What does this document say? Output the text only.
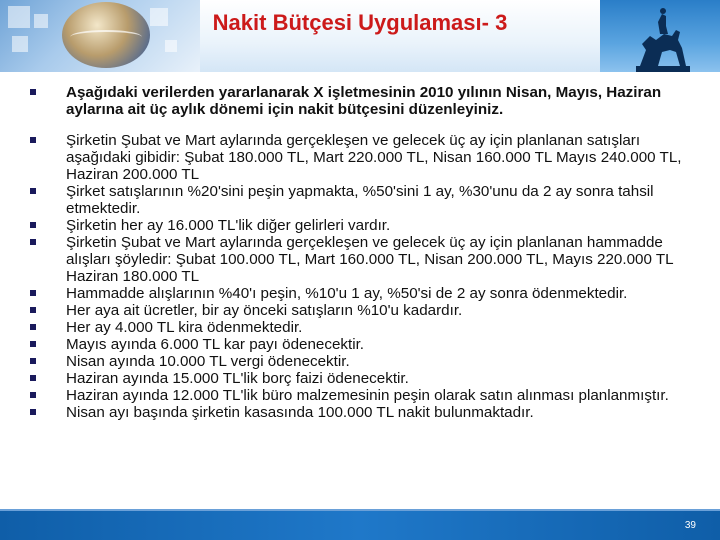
Nakit Bütçesi Uygulaması- 3

Aşağıdaki verilerden yararlanarak X işletmesinin 2010 yılının Nisan, Mayıs, Haziran aylarına ait üç aylık dönemi için nakit bütçesini düzenleyiniz.

Şirketin Şubat ve Mart aylarında gerçekleşen ve gelecek üç ay için planlanan satışları aşağıdaki gibidir: Şubat 180.000 TL, Mart 220.000 TL, Nisan 160.000 TL Mayıs 240.000 TL, Haziran 200.000 TL

Şirket satışlarının %20'sini peşin yapmakta, %50'sini 1 ay, %30'unu da 2 ay sonra tahsil etmektedir.

Şirketin her ay 16.000 TL'lik diğer gelirleri vardır.

Şirketin Şubat ve Mart aylarında gerçekleşen ve gelecek üç ay için planlanan hammadde alışları şöyledir: Şubat 100.000 TL, Mart 160.000 TL, Nisan 200.000 TL, Mayıs 220.000 TL Haziran 180.000 TL

Hammadde alışlarının %40'ı peşin, %10'u 1 ay, %50'si de 2 ay sonra ödenmektedir.

Her aya ait ücretler, bir ay önceki satışların %10'u kadardır.

Her ay 4.000 TL kira ödenmektedir.

Mayıs ayında 6.000 TL kar payı ödenecektir.

Nisan ayında 10.000 TL vergi ödenecektir.

Haziran ayında 15.000 TL'lik borç faizi ödenecektir.

Haziran ayında 12.000 TL'lik büro malzemesinin peşin olarak satın alınması planlanmıştır.

Nisan ayı başında şirketin kasasında 100.000 TL nakit bulunmaktadır.

39
